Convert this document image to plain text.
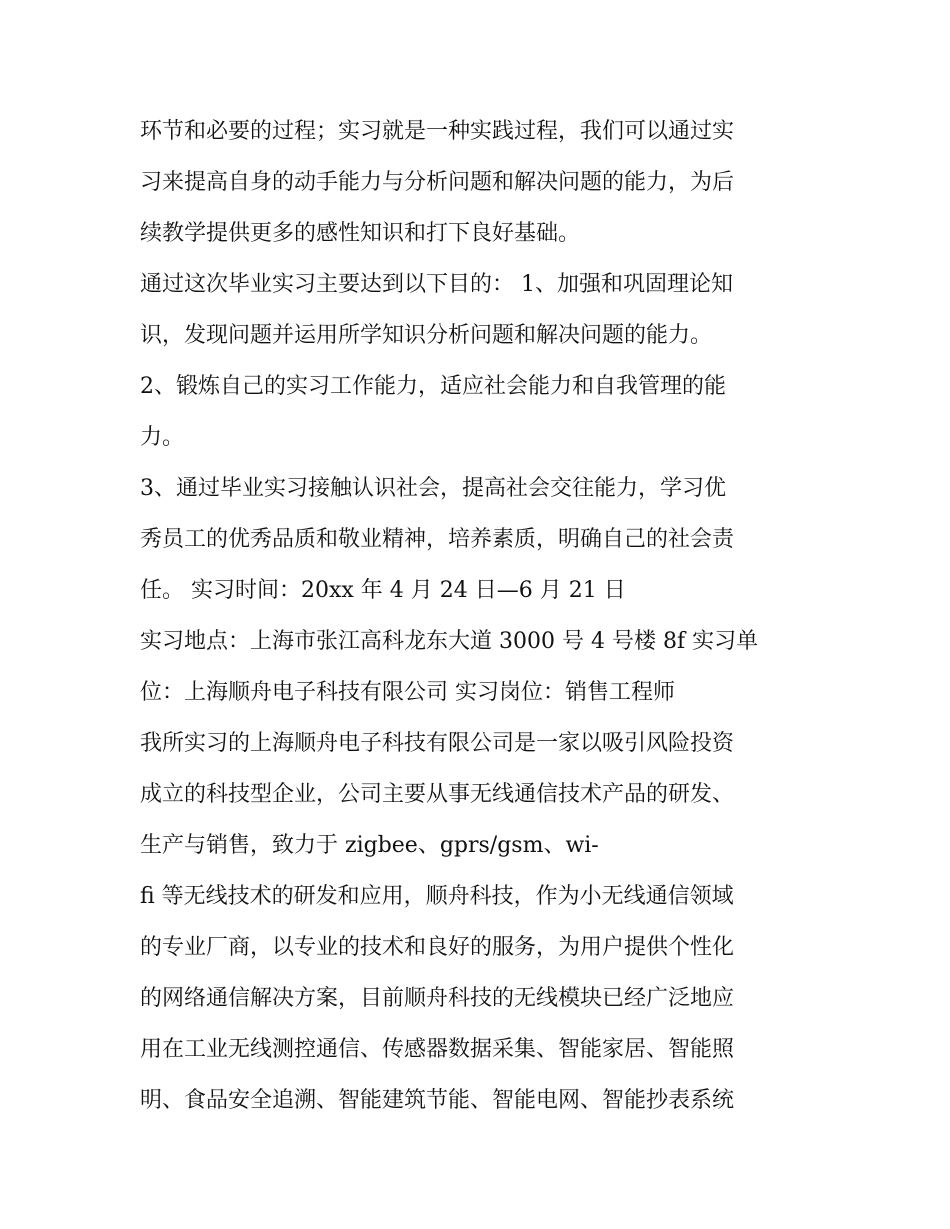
环节和必要的过程；实习就是一种实践过程，我们可以通过实
习来提高自身的动手能力与分析问题和解决问题的能力，为后
续教学提供更多的感性知识和打下良好基础。
通过这次毕业实习主要达到以下目的： 1、加强和巩固理论知
识，发现问题并运用所学知识分析问题和解决问题的能力。
2、锻炼自己的实习工作能力，适应社会能力和自我管理的能
力。
3、通过毕业实习接触认识社会，提高社会交往能力，学习优
秀员工的优秀品质和敬业精神，培养素质，明确自己的社会责
任。 实习时间：20xx 年 4 月 24 日—6 月 21 日
实习地点：上海市张江高科龙东大道 3000 号 4 号楼 8f 实习单
位：上海顺舟电子科技有限公司 实习岗位：销售工程师
我所实习的上海顺舟电子科技有限公司是一家以吸引风险投资
成立的科技型企业，公司主要从事无线通信技术产品的研发、
生产与销售，致力于 zigbee、gprs/gsm、wi-
fi 等无线技术的研发和应用，顺舟科技，作为小无线通信领域
的专业厂商，以专业的技术和良好的服务，为用户提供个性化
的网络通信解决方案，目前顺舟科技的无线模块已经广泛地应
用在工业无线测控通信、传感器数据采集、智能家居、智能照
明、食品安全追溯、智能建筑节能、智能电网、智能抄表系统
